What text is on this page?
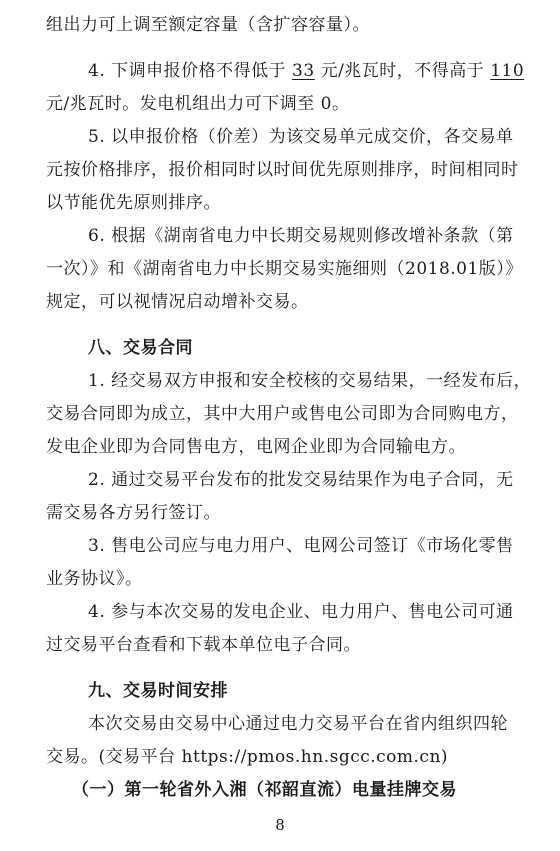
组出力可上调至额定容量（含扩容容量）。
4. 下调申报价格不得低于 33 元/兆瓦时，不得高于 110
元/兆瓦时。发电机组出力可下调至 0。
5. 以申报价格（价差）为该交易单元成交价，各交易单
元按价格排序，报价相同时以时间优先原则排序，时间相同时
以节能优先原则排序。
6. 根据《湖南省电力中长期交易规则修改增补条款（第
一次）》和《湖南省电力中长期交易实施细则（2018.01版）》
规定，可以视情况启动增补交易。
八、交易合同
1. 经交易双方申报和安全校核的交易结果，一经发布后，
交易合同即为成立，其中大用户或售电公司即为合同购电方，
发电企业即为合同售电方，电网企业即为合同输电方。
2. 通过交易平台发布的批发交易结果作为电子合同，无
需交易各方另行签订。
3. 售电公司应与电力用户、电网公司签订《市场化零售
业务协议》。
4. 参与本次交易的发电企业、电力用户、售电公司可通
过交易平台查看和下载本单位电子合同。
九、交易时间安排
本次交易由交易中心通过电力交易平台在省内组织四轮
交易。(交易平台 https://pmos.hn.sgcc.com.cn)
（一）第一轮省外入湘（祁韶直流）电量挂牌交易
8
